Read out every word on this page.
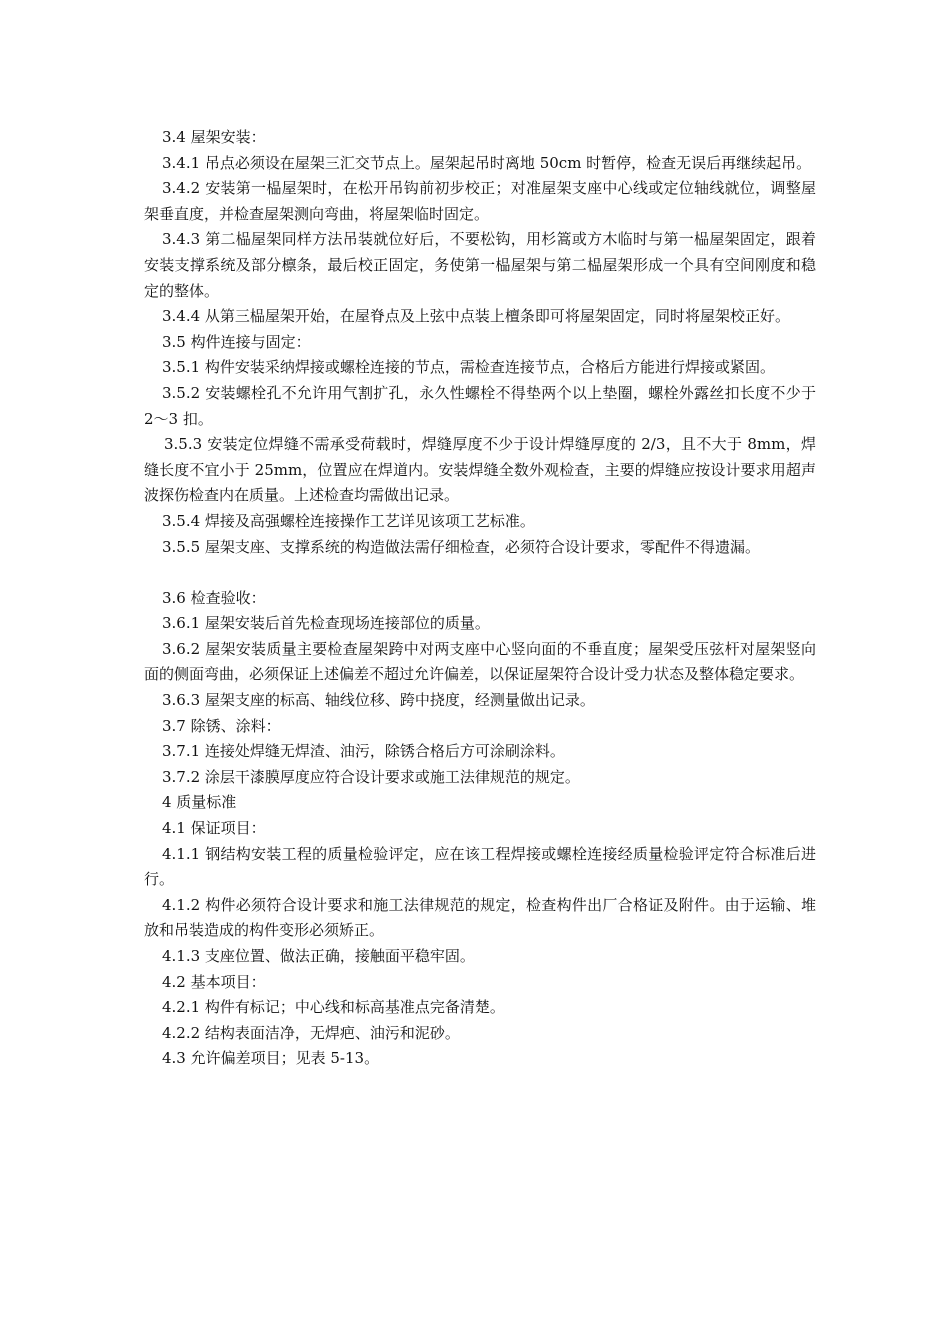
3.4 屋架安装：

3.4.1 吊点必须设在屋架三汇交节点上。屋架起吊时离地 50cm 时暂停，检查无误后再继续起吊。

3.4.2 安装第一榀屋架时，在松开吊钩前初步校正；对准屋架支座中心线或定位轴线就位，调整屋架垂直度，并检查屋架测向弯曲，将屋架临时固定。

3.4.3 第二榀屋架同样方法吊装就位好后，不要松钩，用杉篙或方木临时与第一榀屋架固定，跟着安装支撑系统及部分檩条，最后校正固定，务使第一榀屋架与第二榀屋架形成一个具有空间刚度和稳定的整体。

3.4.4 从第三榀屋架开始，在屋脊点及上弦中点装上檀条即可将屋架固定，同时将屋架校正好。

3.5 构件连接与固定：

3.5.1 构件安装采纳焊接或螺栓连接的节点，需检查连接节点，合格后方能进行焊接或紧固。

3.5.2 安装螺栓孔不允许用气割扩孔，永久性螺栓不得垫两个以上垫圈，螺栓外露丝扣长度不少于 2～3 扣。

3.5.3 安装定位焊缝不需承受荷载时，焊缝厚度不少于设计焊缝厚度的 2/3，且不大于 8mm，焊缝长度不宜小于 25mm，位置应在焊道内。安装焊缝全数外观检查，主要的焊缝应按设计要求用超声波探伤检查内在质量。上述检查均需做出记录。

3.5.4 焊接及高强螺栓连接操作工艺详见该项工艺标准。

3.5.5 屋架支座、支撑系统的构造做法需仔细检查，必须符合设计要求，零配件不得遗漏。

3.6 检查验收：

3.6.1 屋架安装后首先检查现场连接部位的质量。

3.6.2 屋架安装质量主要检查屋架跨中对两支座中心竖向面的不垂直度；屋架受压弦杆对屋架竖向面的侧面弯曲，必须保证上述偏差不超过允许偏差，以保证屋架符合设计受力状态及整体稳定要求。

3.6.3 屋架支座的标高、轴线位移、跨中挠度，经测量做出记录。

3.7 除锈、涂料：

3.7.1 连接处焊缝无焊渣、油污，除锈合格后方可涂刷涂料。

3.7.2 涂层干漆膜厚度应符合设计要求或施工法律规范的规定。

4 质量标准

4.1 保证项目：

4.1.1 钢结构安装工程的质量检验评定，应在该工程焊接或螺栓连接经质量检验评定符合标准后进行。

4.1.2 构件必须符合设计要求和施工法律规范的规定，检查构件出厂合格证及附件。由于运输、堆放和吊装造成的构件变形必须矫正。

4.1.3 支座位置、做法正确，接触面平稳牢固。

4.2 基本项目：

4.2.1 构件有标记；中心线和标高基准点完备清楚。

4.2.2 结构表面洁净，无焊疤、油污和泥砂。

4.3 允许偏差项目；见表 5-13。
